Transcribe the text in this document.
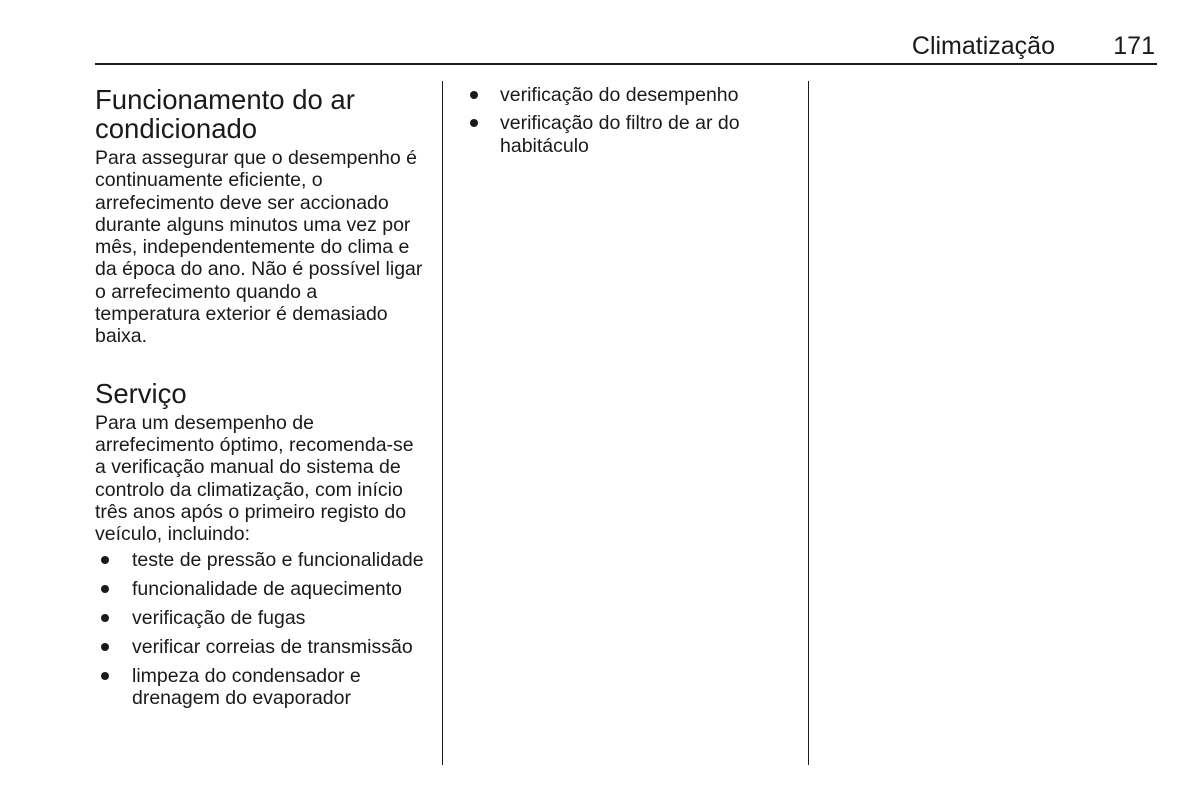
Climatização 171
Funcionamento do ar condicionado

Para assegurar que o desempenho é continuamente eficiente, o arrefecimento deve ser accionado durante alguns minutos uma vez por mês, independentemente do clima e da época do ano. Não é possível ligar o arrefecimento quando a temperatura exterior é demasiado baixa.

Serviço

Para um desempenho de arrefecimento óptimo, recomenda-se a verificação manual do sistema de controlo da climatização, com início três anos após o primeiro registo do veículo, incluindo:

teste de pressão e funcionalidade
funcionalidade de aquecimento
verificação de fugas
verificar correias de transmissão
limpeza do condensador e drenagem do evaporador
verificação do desempenho
verificação do filtro de ar do habitáculo
